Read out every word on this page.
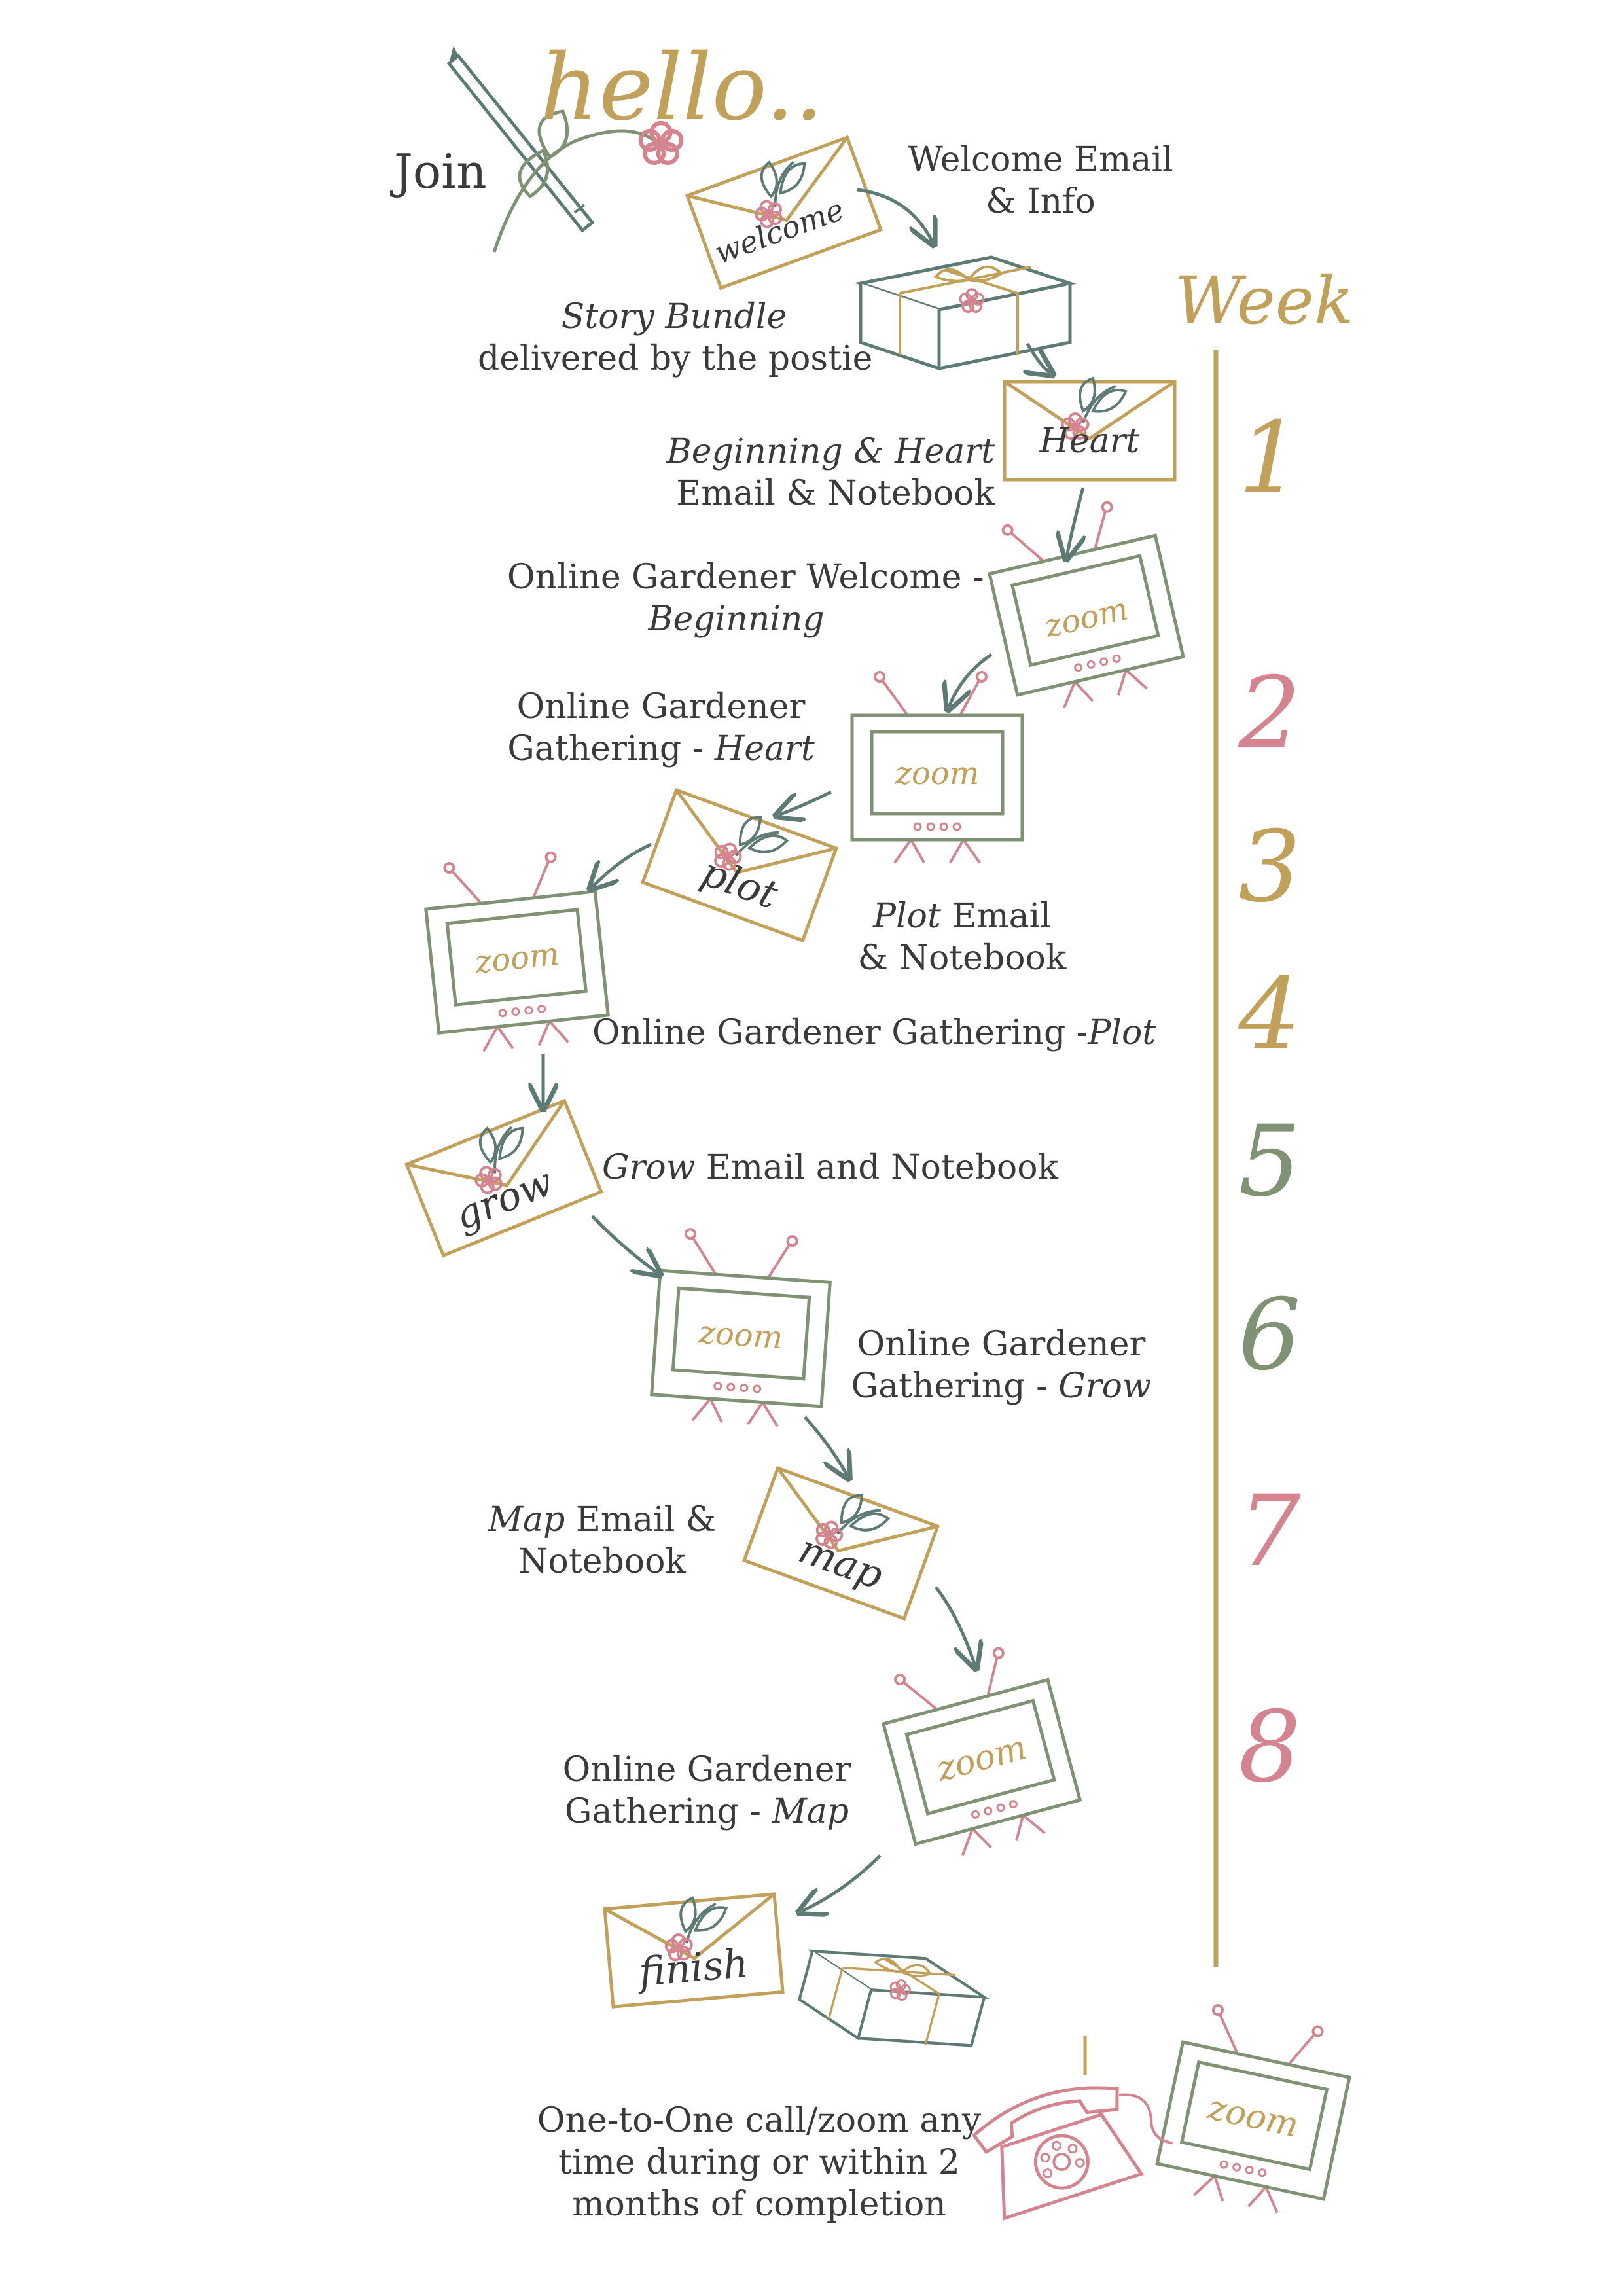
hello..
Join
welcome
Heart
plot
grow
map
finish
zoom
zoom
zoom
zoom
zoom
zoom
Week
1
2
3
4
5
6
7
8
Welcome Email
& Info
Story Bundle
delivered by the postie
Beginning & Heart
Email & Notebook
Online Gardener Welcome -
Beginning
Online Gardener
Gathering - Heart
Plot Email
& Notebook
Online Gardener Gathering -Plot
Grow Email and Notebook
Online Gardener
Gathering - Grow
Map Email &
Notebook
Online Gardener
Gathering - Map
One-to-One call/zoom any
time during or within 2
months of completion
